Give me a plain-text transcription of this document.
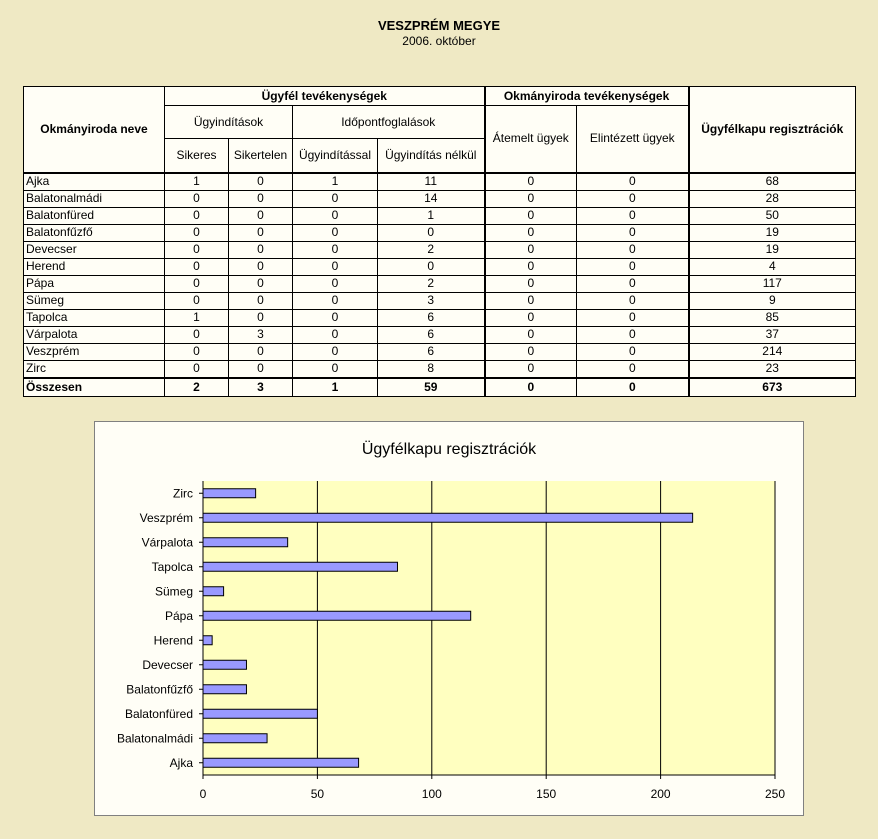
VESZPRÉM MEGYE
2006. október
Okmányiroda neve	Ügyfél tevékenységek				Okmányiroda tevékenységek		Ügyfélkapu regisztrációk
	Ügyindítások		Időpontfoglalások		Átemelt ügyek	Elintézett ügyek	
	Sikeres	Sikertelen	Ügyindítással	Ügyindítás nélkül			
Ajka	1	0	1	11	0	0	68
Balatonalmádi	0	0	0	14	0	0	28
Balatonfüred	0	0	0	1	0	0	50
Balatonfűzfő	0	0	0	0	0	0	19
Devecser	0	0	0	2	0	0	19
Herend	0	0	0	0	0	0	4
Pápa	0	0	0	2	0	0	117
Sümeg	0	0	0	3	0	0	9
Tapolca	1	0	0	6	0	0	85
Várpalota	0	3	0	6	0	0	37
Veszprém	0	0	0	6	0	0	214
Zirc	0	0	0	8	0	0	23
Összesen	2	3	1	59	0	0	673
Ügyfélkapu regisztrációk
0	50	100	150	200	250
Ajka
Balatonalmádi
Balatonfüred
Balatonfűzfő
Devecser
Herend
Pápa
Sümeg
Tapolca
Várpalota
Veszprém
Zirc
